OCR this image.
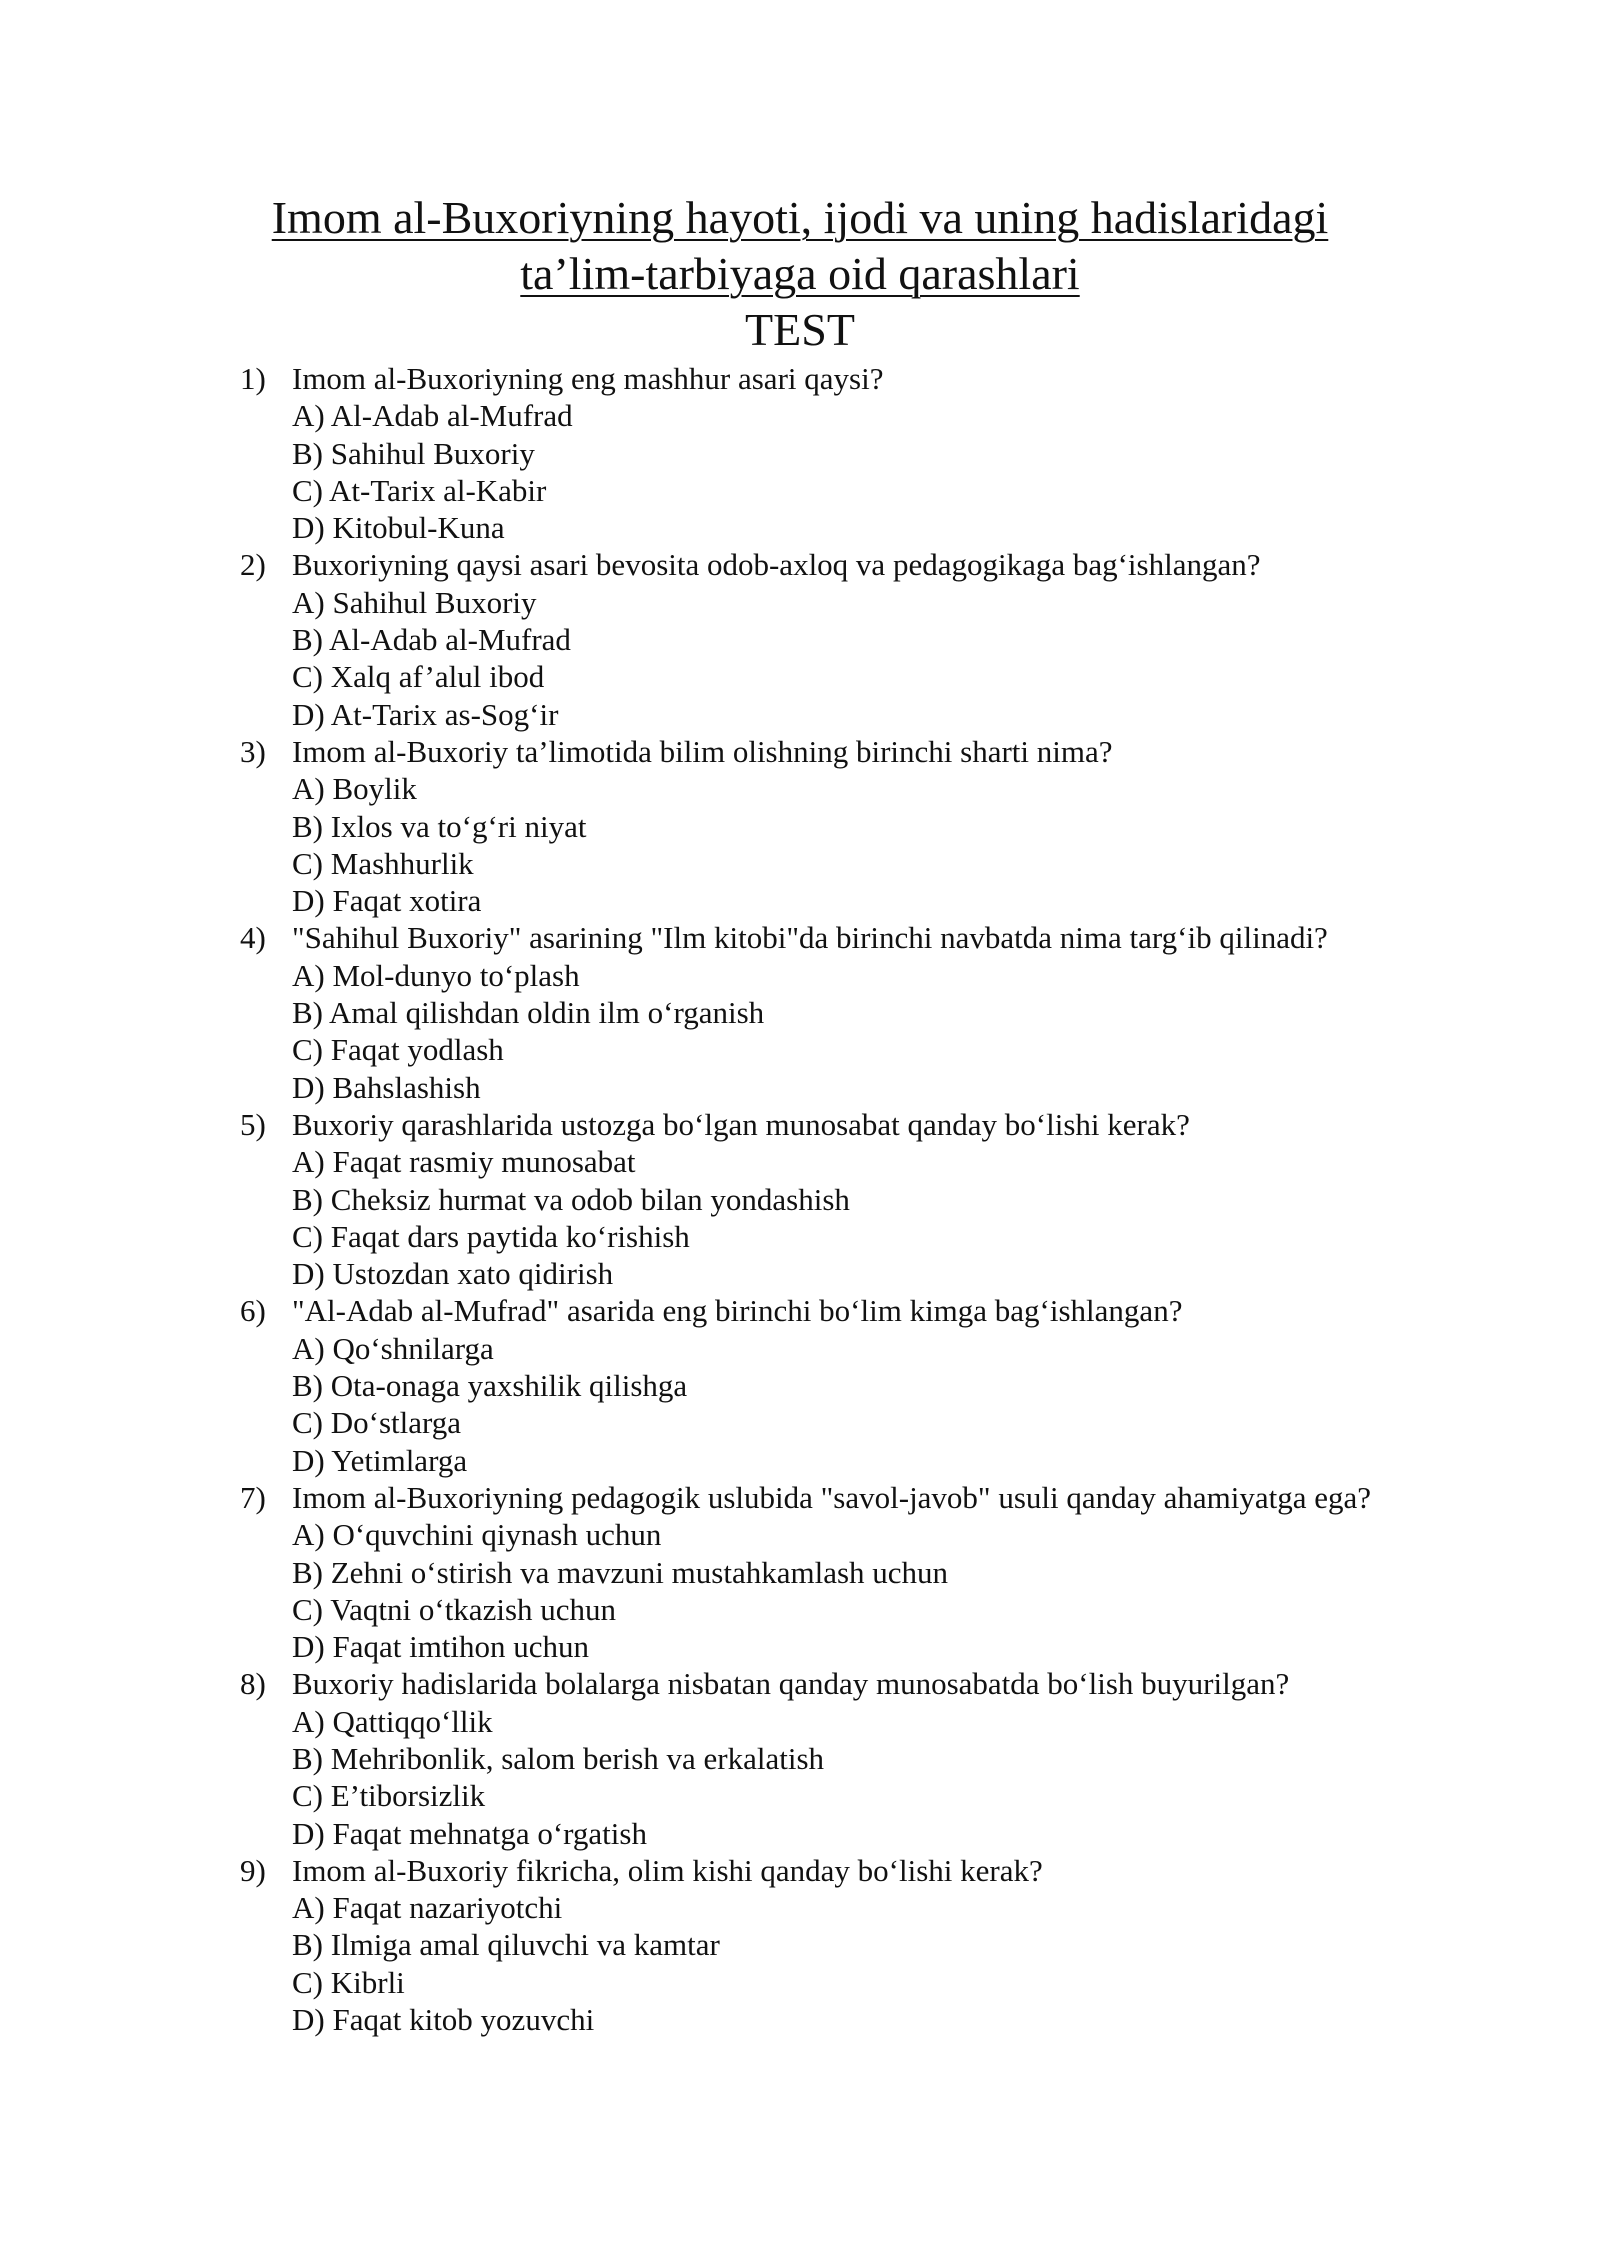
Imom al-Buxoriyning hayoti, ijodi va uning hadislaridagi
ta’lim-tarbiyaga oid qarashlari
TEST
1) Imom al-Buxoriyning eng mashhur asari qaysi?
A) Al-Adab al-Mufrad
B) Sahihul Buxoriy
C) At-Tarix al-Kabir
D) Kitobul-Kuna
2) Buxoriyning qaysi asari bevosita odob-axloq va pedagogikaga bag‘ishlangan?
A) Sahihul Buxoriy
B) Al-Adab al-Mufrad
C) Xalq af’alul ibod
D) At-Tarix as-Sog‘ir
3) Imom al-Buxoriy ta’limotida bilim olishning birinchi sharti nima?
A) Boylik
B) Ixlos va to‘g‘ri niyat
C) Mashhurlik
D) Faqat xotira
4) "Sahihul Buxoriy" asarining "Ilm kitobi"da birinchi navbatda nima targ‘ib qilinadi?
A) Mol-dunyo to‘plash
B) Amal qilishdan oldin ilm o‘rganish
C) Faqat yodlash
D) Bahslashish
5) Buxoriy qarashlarida ustozga bo‘lgan munosabat qanday bo‘lishi kerak?
A) Faqat rasmiy munosabat
B) Cheksiz hurmat va odob bilan yondashish
C) Faqat dars paytida ko‘rishish
D) Ustozdan xato qidirish
6) "Al-Adab al-Mufrad" asarida eng birinchi bo‘lim kimga bag‘ishlangan?
A) Qo‘shnilarga
B) Ota-onaga yaxshilik qilishga
C) Do‘stlarga
D) Yetimlarga
7) Imom al-Buxoriyning pedagogik uslubida "savol-javob" usuli qanday ahamiyatga ega?
A) O‘quvchini qiynash uchun
B) Zehni o‘stirish va mavzuni mustahkamlash uchun
C) Vaqtni o‘tkazish uchun
D) Faqat imtihon uchun
8) Buxoriy hadislarida bolalarga nisbatan qanday munosabatda bo‘lish buyurilgan?
A) Qattiqqo‘llik
B) Mehribonlik, salom berish va erkalatish
C) E’tiborsizlik
D) Faqat mehnatga o‘rgatish
9) Imom al-Buxoriy fikricha, olim kishi qanday bo‘lishi kerak?
A) Faqat nazariyotchi
B) Ilmiga amal qiluvchi va kamtar
C) Kibrli
D) Faqat kitob yozuvchi
